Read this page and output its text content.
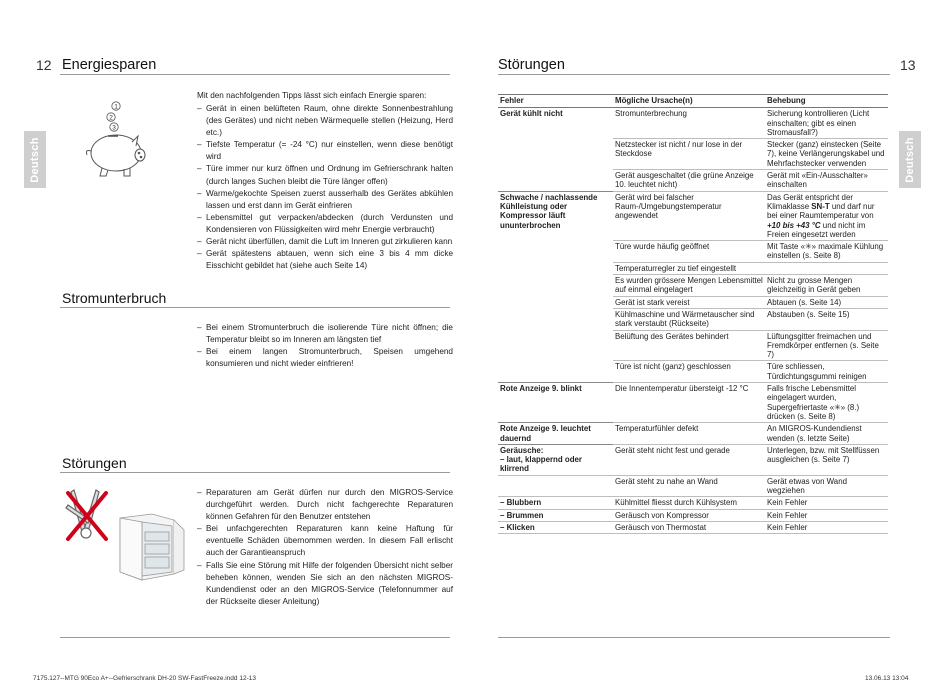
12 Energiesparen
Deutsch
1
2
3
Mit den nachfolgenden Tipps lässt sich einfach Energie sparen:
– Gerät in einen belüfteten Raum, ohne direkte Sonnenbestrahlung (des Gerätes) und nicht neben Wärmequelle stellen (Heizung, Herd etc.)
– Tiefste Temperatur (= -24 °C) nur einstellen, wenn diese benötigt wird
– Türe immer nur kurz öffnen und Ordnung im Gefrierschrank halten (durch langes Suchen bleibt die Türe länger offen)
– Warme/gekochte Speisen zuerst ausserhalb des Gerätes abkühlen lassen und erst dann im Gerät einfrieren
– Lebensmittel gut verpacken/abdecken (durch Verdunsten und Kondensieren von Flüssigkeiten wird mehr Energie verbraucht)
– Gerät nicht überfüllen, damit die Luft im Inneren gut zirkulieren kann
– Gerät spätestens abtauen, wenn sich eine 3 bis 4 mm dicke Eisschicht gebildet hat (siehe auch Seite 14)
Stromunterbruch
– Bei einem Stromunterbruch die isolierende Türe nicht öffnen; die Temperatur bleibt so im Inneren am längsten tief
– Bei einem langen Stromunterbruch, Speisen umgehend konsumieren und nicht wieder einfrieren!
Störungen
– Reparaturen am Gerät dürfen nur durch den MIGROS-Service durchgeführt werden. Durch nicht fachgerechte Reparaturen können Gefahren für den Benutzer entstehen
– Bei unfachgerechten Reparaturen kann keine Haftung für eventuelle Schäden übernommen werden. In diesem Fall erlischt auch der Garantieanspruch
– Falls Sie eine Störung mit Hilfe der folgenden Übersicht nicht selber beheben können, wenden Sie sich an den nächsten MIGROS-Kundendienst oder an den MIGROS-Service (Telefonnummer auf der Rückseite dieser Anleitung)
Störungen	13
Deutsch
Fehler	Mögliche Ursache(n)	Behebung
Gerät kühlt nicht	Stromunterbrechung	Sicherung kontrollieren (Licht einschalten; gibt es einen Stromausfall?)
	Netzstecker ist nicht / nur lose in der Steckdose	Stecker (ganz) einstecken (Seite 7), keine Verlängerungskabel und Mehrfachstecker verwenden
	Gerät ausgeschaltet (die grüne Anzeige 10. leuchtet nicht)	Gerät mit «Ein-/Ausschalter» einschalten
Schwache / nachlassende Kühlleistung oder Kompressor läuft ununterbrochen	Gerät wird bei falscher Raum-/Umgebungstemperatur angewendet	Das Gerät entspricht der Klimaklasse SN-T und darf nur bei einer Raumtemperatur von +10 bis +43 °C und nicht im Freien eingesetzt werden
	Türe wurde häufig geöffnet	Mit Taste «✳» maximale Kühlung einstellen (s. Seite 8)
	Temperaturregler zu tief eingestellt	
	Es wurden grössere Mengen Lebensmittel auf einmal eingelagert	Nicht zu grosse Mengen gleichzeitig in Gerät geben
	Gerät ist stark vereist	Abtauen (s. Seite 14)
	Kühlmaschine und Wärmetauscher sind stark verstaubt (Rückseite)	Abstauben (s. Seite 15)
	Belüftung des Gerätes behindert	Lüftungsgitter freimachen und Fremdkörper entfernen (s. Seite 7)
	Türe ist nicht (ganz) geschlossen	Türe schliessen, Türdichtungsgummi reinigen
Rote Anzeige 9. blinkt	Die Innentemperatur übersteigt -12 °C	Falls frische Lebensmittel eingelagert wurden, Supergefriertaste «✳» (8.) drücken (s. Seite 8)
Rote Anzeige 9. leuchtet dauernd	Temperaturfühler defekt	An MIGROS-Kundendienst wenden (s. letzte Seite)
Geräusche:
– laut, klappernd oder klirrend	Gerät steht nicht fest und gerade	Unterlegen, bzw. mit Stellfüssen ausgleichen (s. Seite 7)
	Gerät steht zu nahe an Wand	Gerät etwas von Wand wegziehen
– Blubbern	Kühlmittel fliesst durch Kühlsystem	Kein Fehler
– Brummen	Geräusch von Kompressor	Kein Fehler
– Klicken	Geräusch von Thermostat	Kein Fehler
7175.127--MTG 90Eco A+--Gefrierschrank DH-20 SW-FastFreeze.indd 12-13	13.06.13 13:04
